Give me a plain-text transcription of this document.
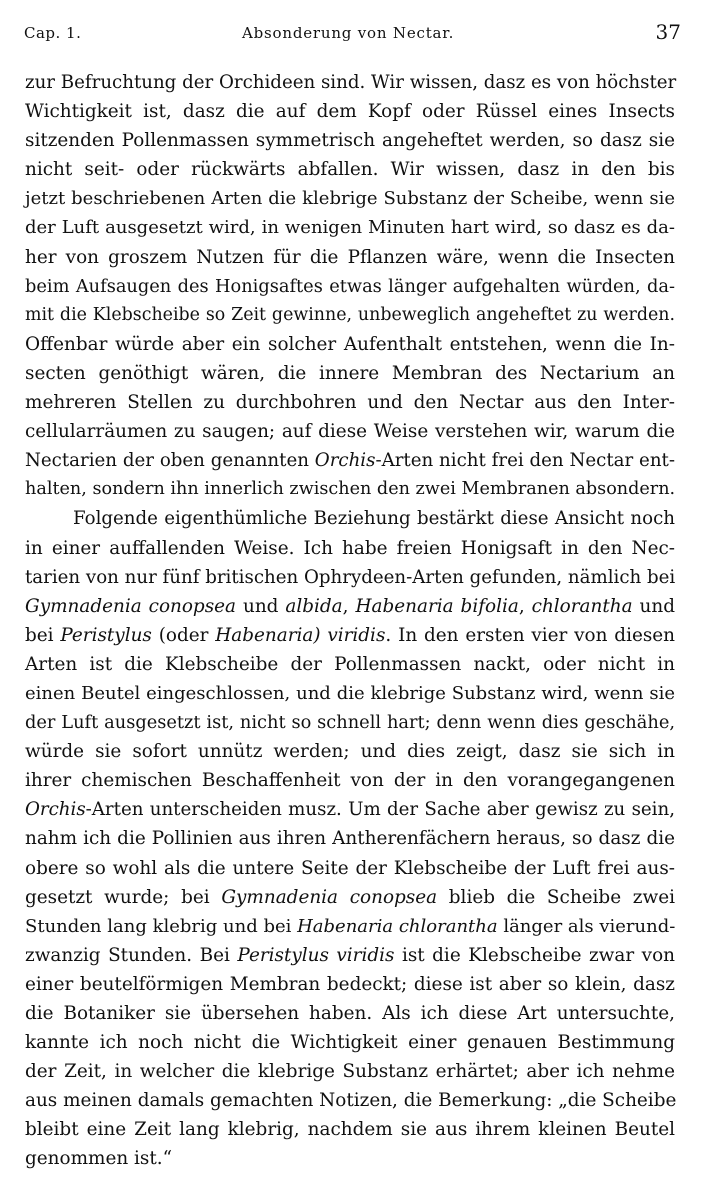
Cap. 1.	Absonderung von Nectar.	37
zur Befruchtung der Orchideen sind. Wir wissen, dasz es von höchster
Wichtigkeit ist, dasz die auf dem Kopf oder Rüssel eines Insects
sitzenden Pollenmassen symmetrisch angeheftet werden, so dasz sie
nicht seit- oder rückwärts abfallen. Wir wissen, dasz in den bis
jetzt beschriebenen Arten die klebrige Substanz der Scheibe, wenn sie
der Luft ausgesetzt wird, in wenigen Minuten hart wird, so dasz es da-
her von groszem Nutzen für die Pflanzen wäre, wenn die Insecten
beim Aufsaugen des Honigsaftes etwas länger aufgehalten würden, da-
mit die Klebscheibe so Zeit gewinne, unbeweglich angeheftet zu werden.
Offenbar würde aber ein solcher Aufenthalt entstehen, wenn die In-
secten genöthigt wären, die innere Membran des Nectarium an
mehreren Stellen zu durchbohren und den Nectar aus den Inter-
cellularräumen zu saugen; auf diese Weise verstehen wir, warum die
Nectarien der oben genannten Orchis-Arten nicht frei den Nectar ent-
halten, sondern ihn innerlich zwischen den zwei Membranen absondern.
Folgende eigenthümliche Beziehung bestärkt diese Ansicht noch
in einer auffallenden Weise. Ich habe freien Honigsaft in den Nec-
tarien von nur fünf britischen Ophrydeen-Arten gefunden, nämlich bei
Gymnadenia conopsea und albida, Habenaria bifolia, chlorantha und
bei Peristylus (oder Habenaria) viridis. In den ersten vier von diesen
Arten ist die Klebscheibe der Pollenmassen nackt, oder nicht in
einen Beutel eingeschlossen, und die klebrige Substanz wird, wenn sie
der Luft ausgesetzt ist, nicht so schnell hart; denn wenn dies geschähe,
würde sie sofort unnütz werden; und dies zeigt, dasz sie sich in
ihrer chemischen Beschaffenheit von der in den vorangegangenen
Orchis-Arten unterscheiden musz. Um der Sache aber gewisz zu sein,
nahm ich die Pollinien aus ihren Antherenfächern heraus, so dasz die
obere so wohl als die untere Seite der Klebscheibe der Luft frei aus-
gesetzt wurde; bei Gymnadenia conopsea blieb die Scheibe zwei
Stunden lang klebrig und bei Habenaria chlorantha länger als vierund-
zwanzig Stunden. Bei Peristylus viridis ist die Klebscheibe zwar von
einer beutelförmigen Membran bedeckt; diese ist aber so klein, dasz
die Botaniker sie übersehen haben. Als ich diese Art untersuchte,
kannte ich noch nicht die Wichtigkeit einer genauen Bestimmung
der Zeit, in welcher die klebrige Substanz erhärtet; aber ich nehme
aus meinen damals gemachten Notizen, die Bemerkung: „die Scheibe
bleibt eine Zeit lang klebrig, nachdem sie aus ihrem kleinen Beutel
genommen ist.“
